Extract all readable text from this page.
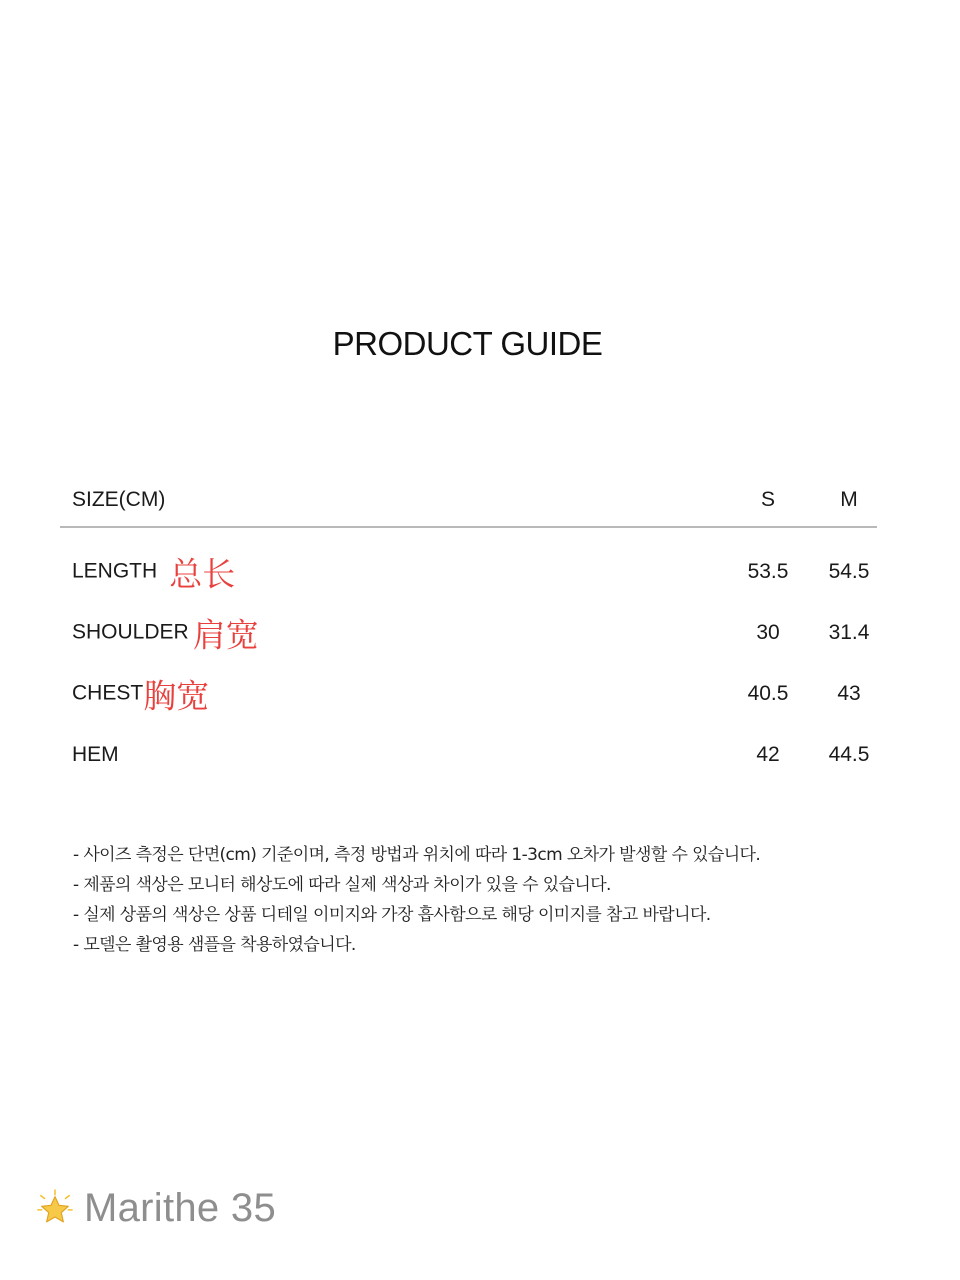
PRODUCT GUIDE
SIZE(CM)	S	M
LENGTH 总长	53.5	54.5
SHOULDER 肩宽	30	31.4
CHEST胸宽	40.5	43
HEM	42	44.5
- 사이즈 측정은 단면(cm) 기준이며, 측정 방법과 위치에 따라 1-3cm 오차가 발생할 수 있습니다.
- 제품의 색상은 모니터 해상도에 따라 실제 색상과 차이가 있을 수 있습니다.
- 실제 상품의 색상은 상품 디테일 이미지와 가장 흡사함으로 해당 이미지를 참고 바랍니다.
- 모델은 촬영용 샘플을 착용하였습니다.
Marithe 35
